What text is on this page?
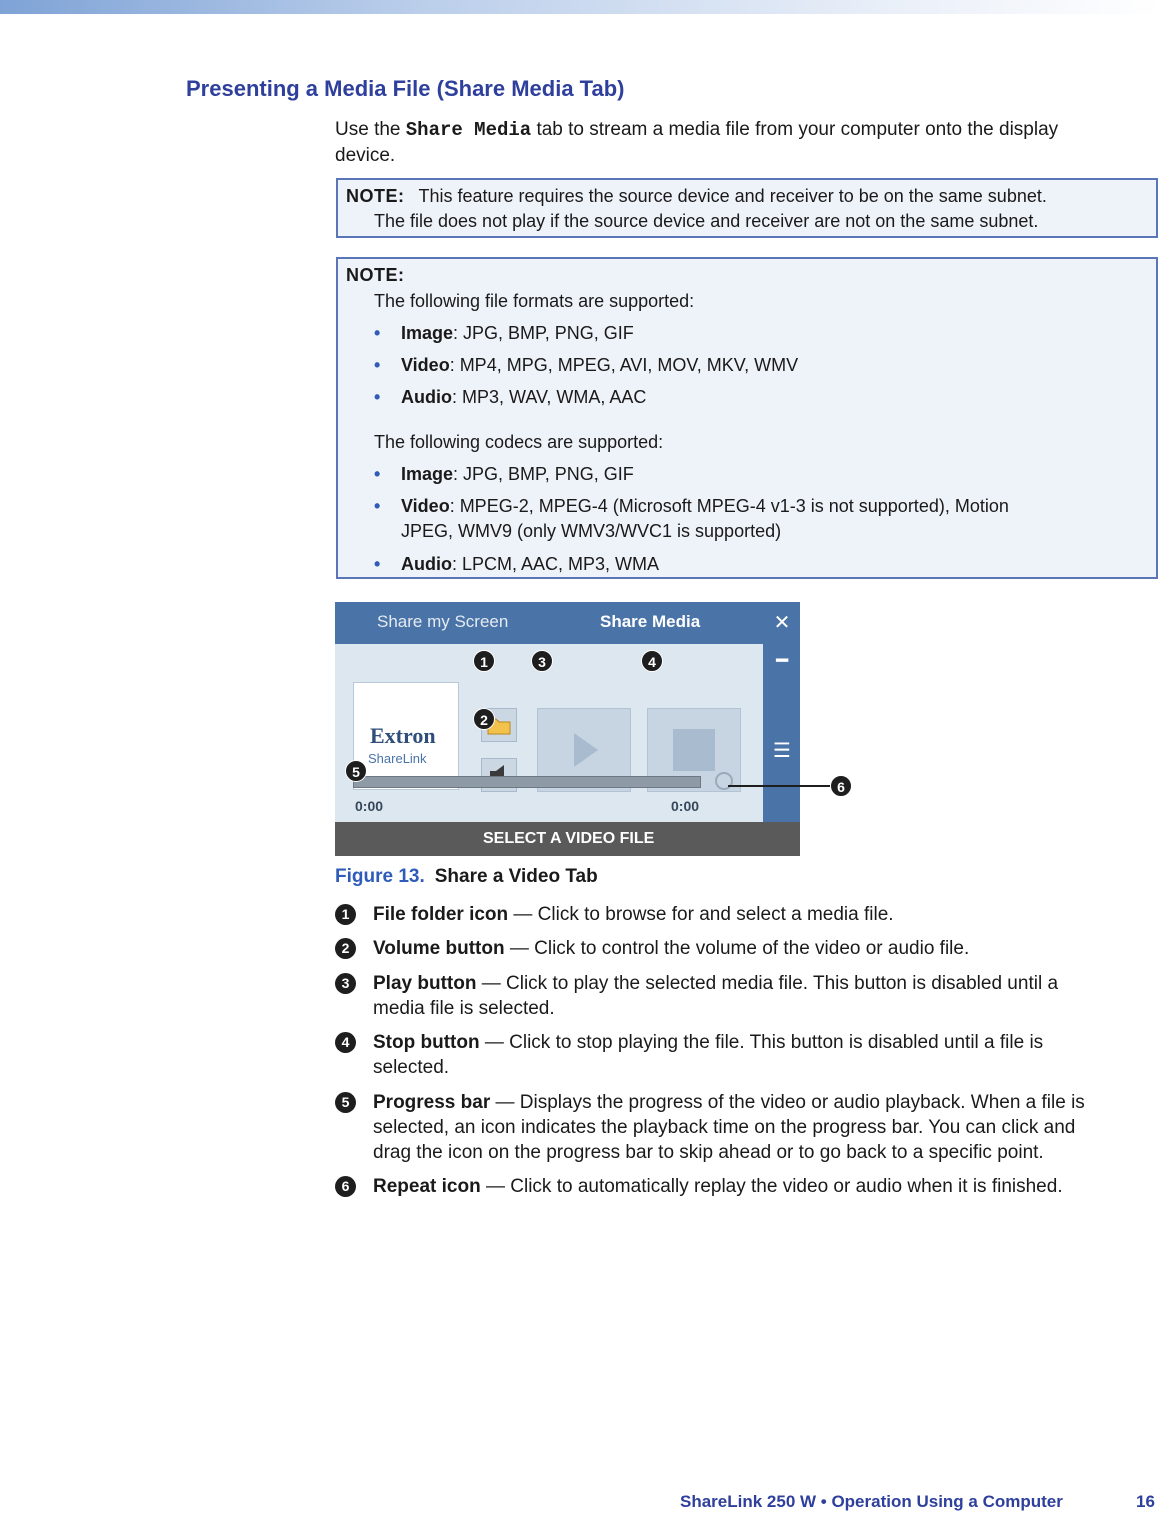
Presenting a Media File (Share Media Tab)

Use the Share Media tab to stream a media file from your computer onto the display
device.

NOTE: This feature requires the source device and receiver to be on the same subnet.
The file does not play if the source device and receiver are not on the same subnet.
NOTE:
The following file formats are supported:
• Image: JPG, BMP, PNG, GIF
• Video: MP4, MPG, MPEG, AVI, MOV, MKV, WMV
• Audio: MP3, WAV, WMA, AAC
The following codecs are supported:
• Image: JPG, BMP, PNG, GIF
• Video: MPEG-2, MPEG-4 (Microsoft MPEG-4 v1-3 is not supported), Motion
JPEG, WMV9 (only WMV3/WVC1 is supported)
• Audio: LPCM, AAC, MP3, WMA
Share my Screen	Share Media	✕
━
☰
Extron
ShareLink
0:00	0:00
SELECT A VIDEO FILE
1
2
3	4
5
6
Figure 13. Share a Video Tab
1	File folder icon — Click to browse for and select a media file.
2	Volume button — Click to control the volume of the video or audio file.
3	Play button — Click to play the selected media file. This button is disabled until a
media file is selected.
4	Stop button — Click to stop playing the file. This button is disabled until a file is
selected.
5	Progress bar — Displays the progress of the video or audio playback. When a file is
selected, an icon indicates the playback time on the progress bar. You can click and
drag the icon on the progress bar to skip ahead or to go back to a specific point.
6	Repeat icon — Click to automatically replay the video or audio when it is finished.
ShareLink 250 W • Operation Using a Computer	16
